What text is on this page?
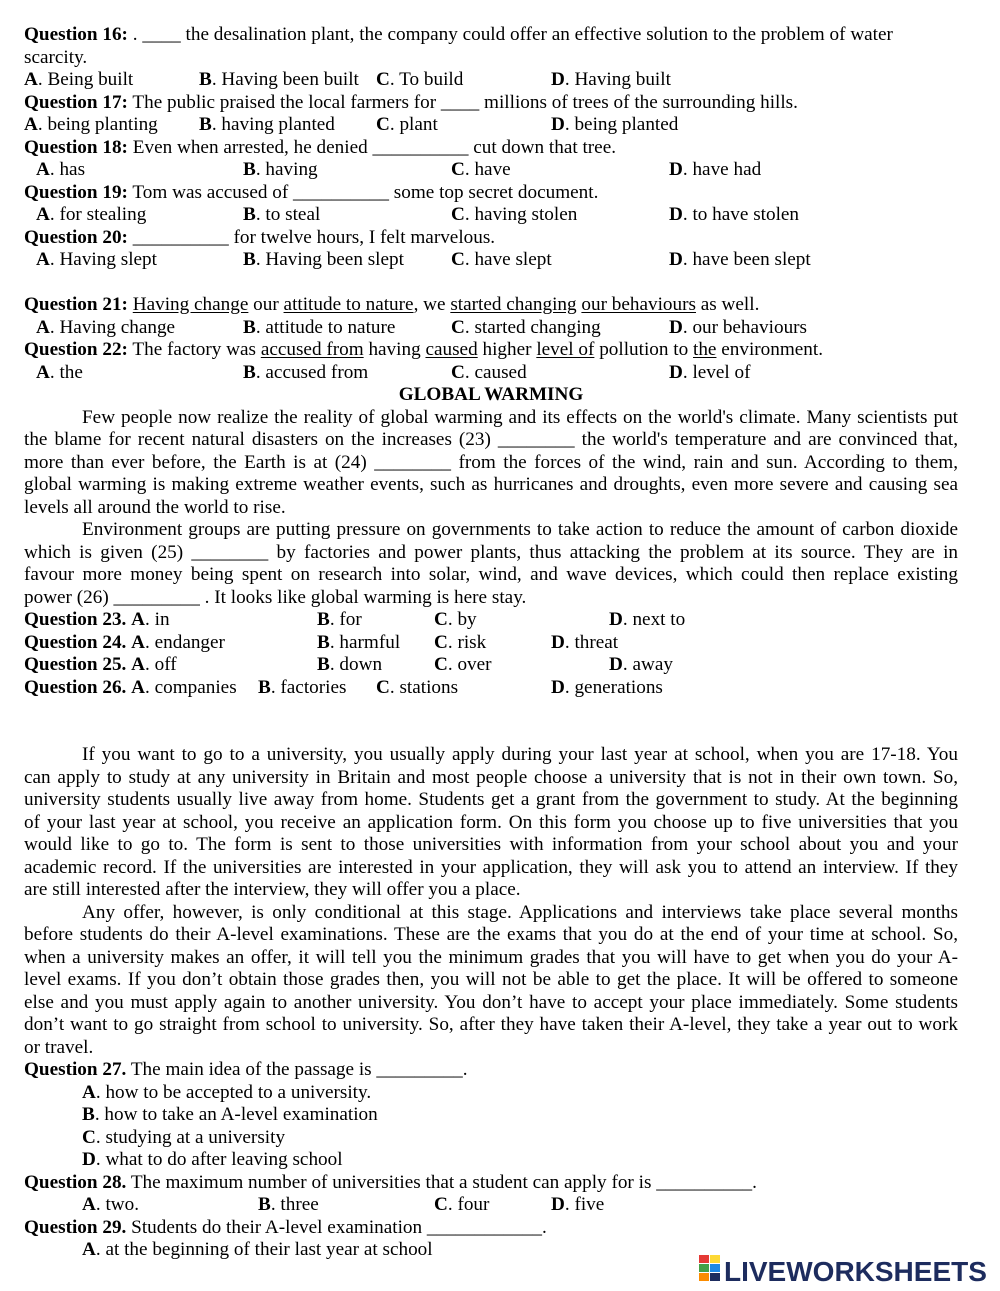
Question 16: . ____ the desalination plant, the company could offer an effective solution to the problem of water
scarcity.
A. Being built	B. Having been built C. To build	D. Having built
Question 17: The public praised the local farmers for ____ millions of trees of the surrounding hills.
A. being planting B. having planted C. plant	D. being planted
Question 18: Even when arrested, he denied __________ cut down that tree.
A. has	B. having	C. have	D. have had
Question 19: Tom was accused of __________ some top secret document.
A. for stealing	B. to steal	C. having stolen	D. to have stolen
Question 20: __________ for twelve hours, I felt marvelous.
A. Having slept	B. Having been slept C. have slept	D. have been slept
Question 21: Having change our attitude to nature, we started changing our behaviours as well.
A. Having change	B. attitude to nature	C. started changing	D. our behaviours
Question 22: The factory was accused from having caused higher level of pollution to the environment.
A. the	B. accused from	C. caused	D. level of
GLOBAL WARMING
Few people now realize the reality of global warming and its effects on the world's climate. Many scientists put
the blame for recent natural disasters on the increases (23) ________ the world's temperature and are convinced that,
more than ever before, the Earth is at (24) ________ from the forces of the wind, rain and sun. According to them,
global warming is making extreme weather events, such as hurricanes and droughts, even more severe and causing sea
levels all around the world to rise.
Environment groups are putting pressure on governments to take action to reduce the amount of carbon dioxide
which is given (25) ________ by factories and power plants, thus attacking the problem at its source. They are in
favour more money being spent on research into solar, wind, and wave devices, which could then replace existing
power (26) _________ . It looks like global warming is here stay.
Question 23. A. in	B. for	C. by	D. next to
Question 24. A. endanger	B. harmful C. risk	D. threat
Question 25. A. off	B. down	C. over	D. away
Question 26. A. companies B. factories C. stations	D. generations
If you want to go to a university, you usually apply during your last year at school, when you are 17-18. You
can apply to study at any university in Britain and most people choose a university that is not in their own town. So,
university students usually live away from home. Students get a grant from the government to study. At the beginning
of your last year at school, you receive an application form. On this form you choose up to five universities that you
would like to go to. The form is sent to those universities with information from your school about you and your
academic record. If the universities are interested in your application, they will ask you to attend an interview. If they
are still interested after the interview, they will offer you a place.
Any offer, however, is only conditional at this stage. Applications and interviews take place several months
before students do their A-level examinations. These are the exams that you do at the end of your time at school. So,
when a university makes an offer, it will tell you the minimum grades that you will have to get when you do your A-
level exams. If you don’t obtain those grades then, you will not be able to get the place. It will be offered to someone
else and you must apply again to another university. You don’t have to accept your place immediately. Some students
don’t want to go straight from school to university. So, after they have taken their A-level, they take a year out to work
or travel.
Question 27. The main idea of the passage is _________.
A. how to be accepted to a university.
B. how to take an A-level examination
C. studying at a university
D. what to do after leaving school
Question 28. The maximum number of universities that a student can apply for is __________.
A. two.	B. three	C. four	D. five
Question 29. Students do their A-level examination ____________.
A. at the beginning of their last year at school
LIVEWORKSHEETS
